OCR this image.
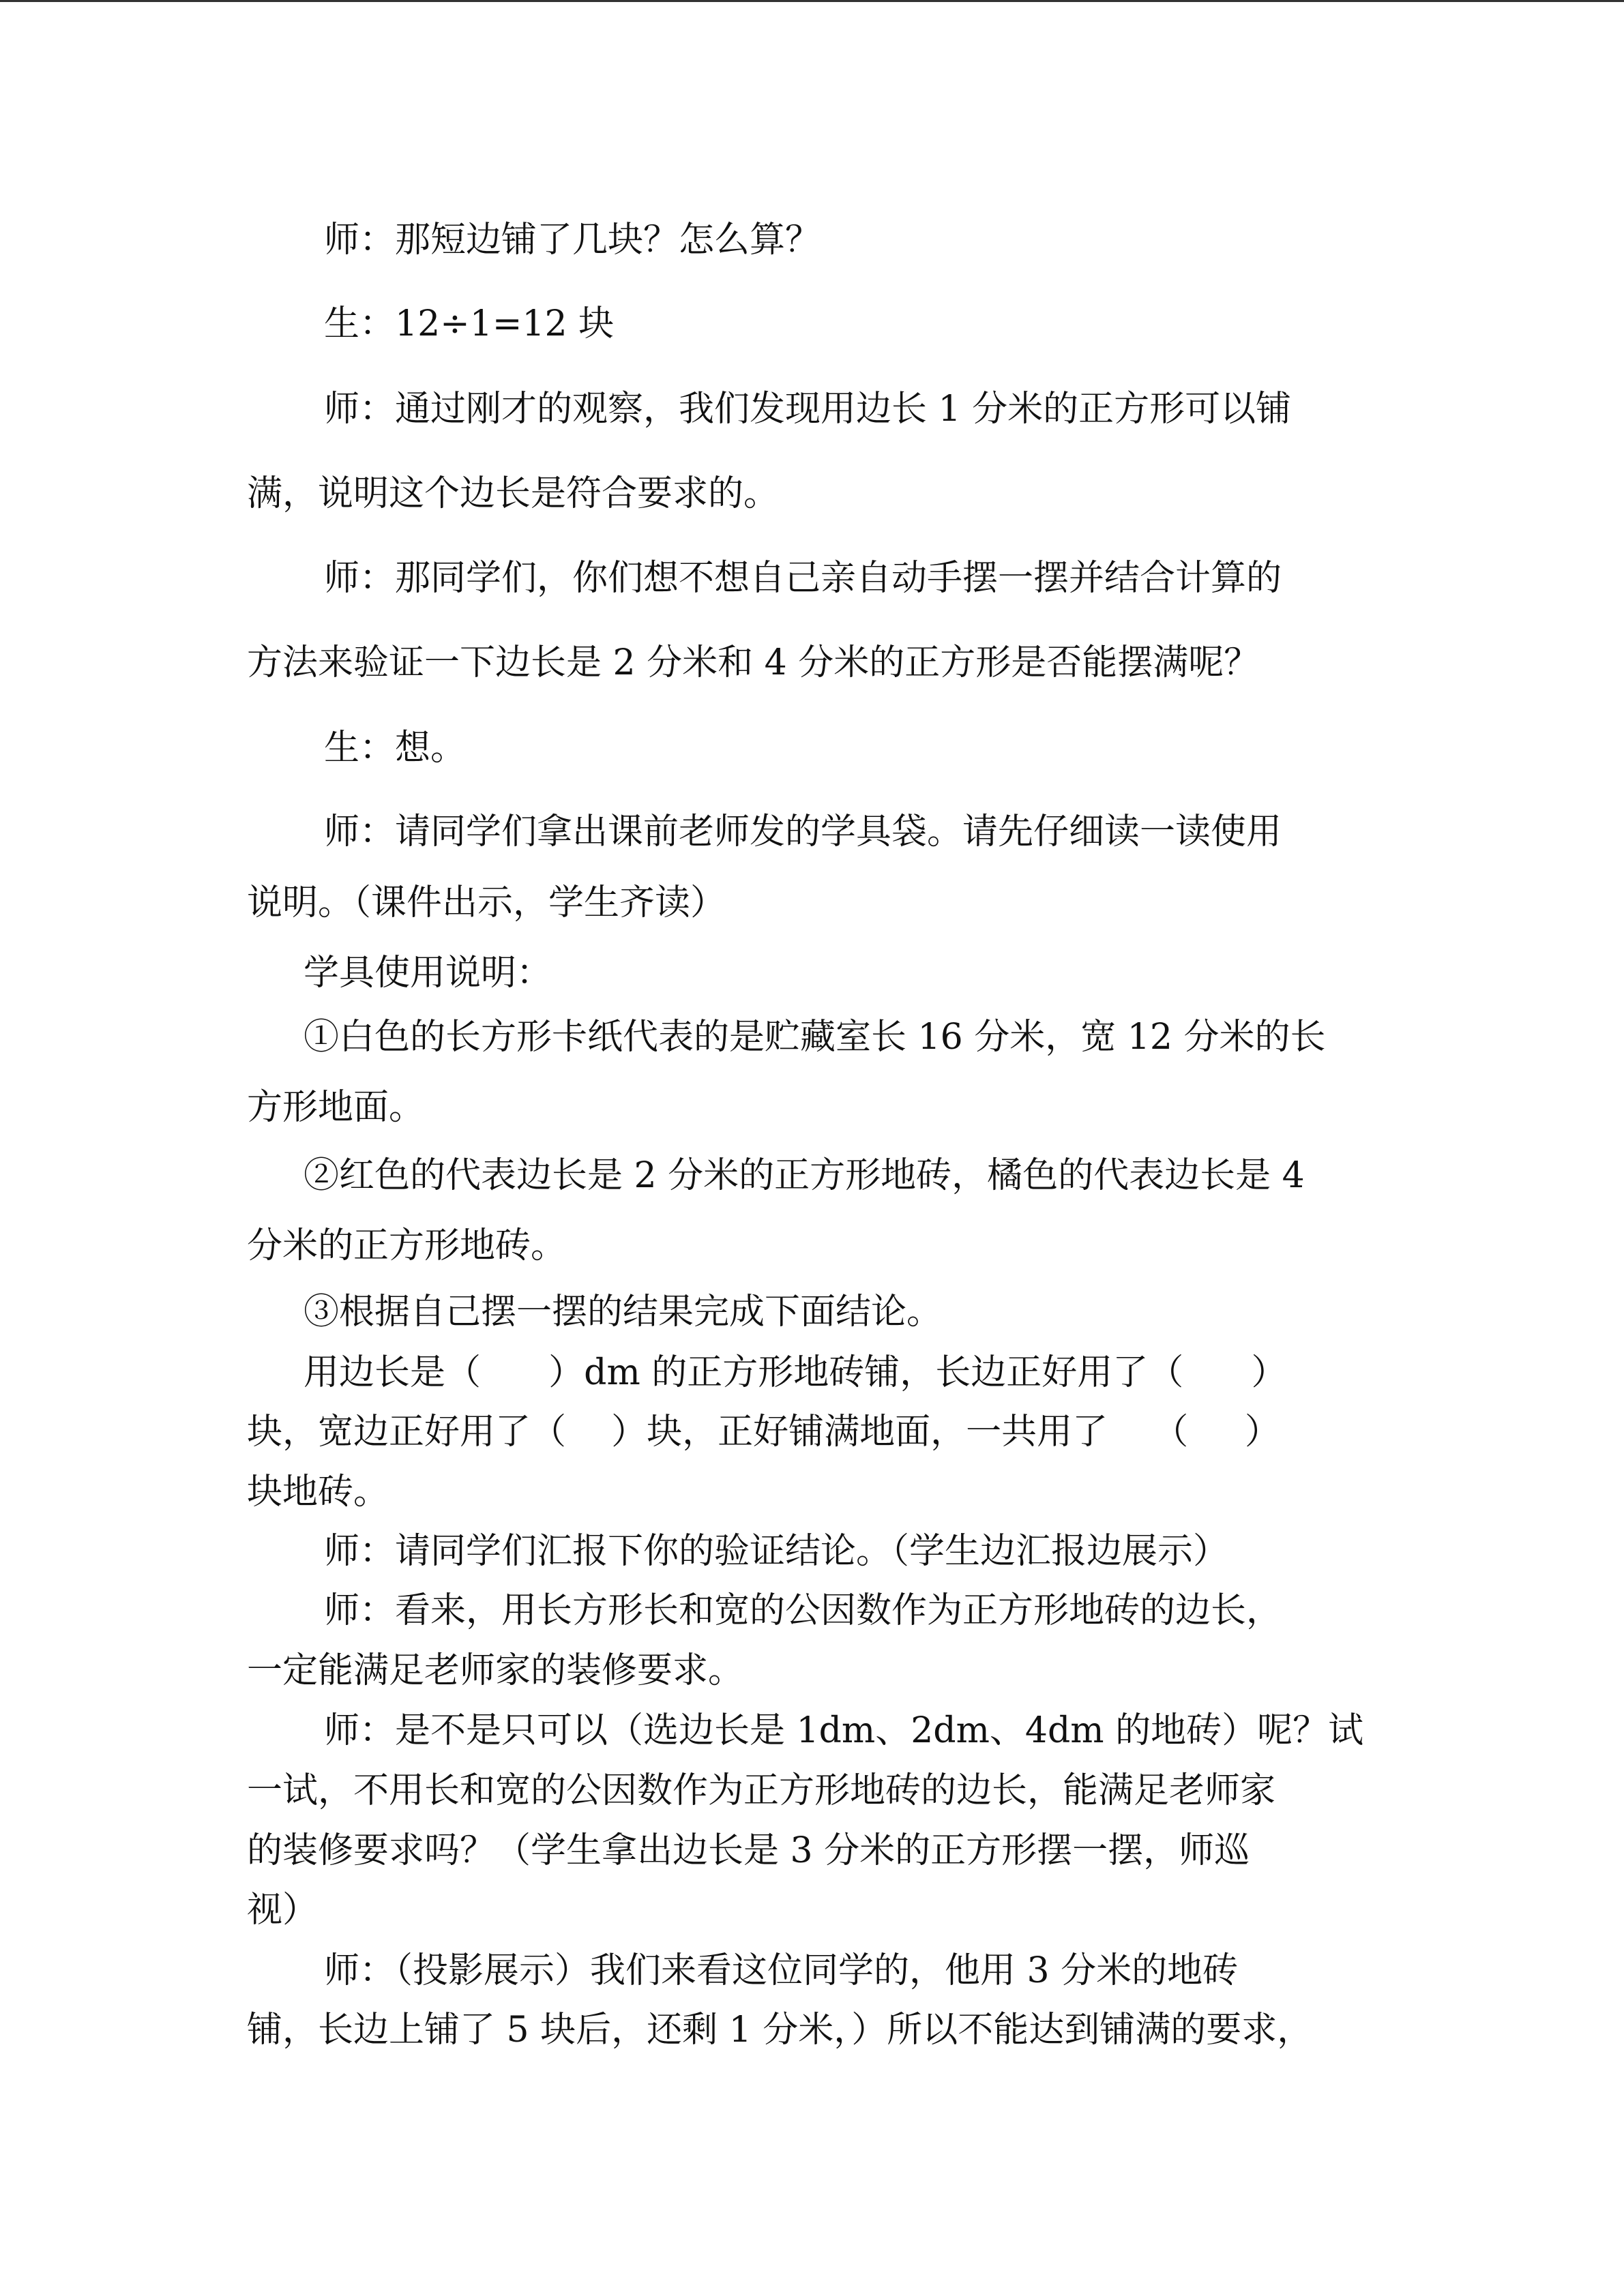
师：那短边铺了几块？怎么算？
生：12÷1=12 块
师：通过刚才的观察，我们发现用边长 1 分米的正方形可以铺
满，说明这个边长是符合要求的。
师：那同学们，你们想不想自己亲自动手摆一摆并结合计算的
方法来验证一下边长是 2 分米和 4 分米的正方形是否能摆满呢？
生：想。
师：请同学们拿出课前老师发的学具袋。请先仔细读一读使用
说明。（课件出示，学生齐读）
学具使用说明：
①白色的长方形卡纸代表的是贮藏室长 16 分米，宽 12 分米的长
方形地面。
②红色的代表边长是 2 分米的正方形地砖，橘色的代表边长是 4
分米的正方形地砖。
③根据自己摆一摆的结果完成下面结论。
用边长是（      ）dm 的正方形地砖铺，长边正好用了（      ）
块，宽边正好用了（    ）块，正好铺满地面，一共用了    （     ）
块地砖。
师：请同学们汇报下你的验证结论。（学生边汇报边展示）
师：看来，用长方形长和宽的公因数作为正方形地砖的边长，
一定能满足老师家的装修要求。
师：是不是只可以（选边长是 1dm、2dm、4dm 的地砖）呢？试
一试，不用长和宽的公因数作为正方形地砖的边长，能满足老师家
的装修要求吗？（学生拿出边长是 3 分米的正方形摆一摆，师巡
视）
师：（投影展示）我们来看这位同学的，他用 3 分米的地砖
铺，长边上铺了 5 块后，还剩 1 分米，）所以不能达到铺满的要求，
